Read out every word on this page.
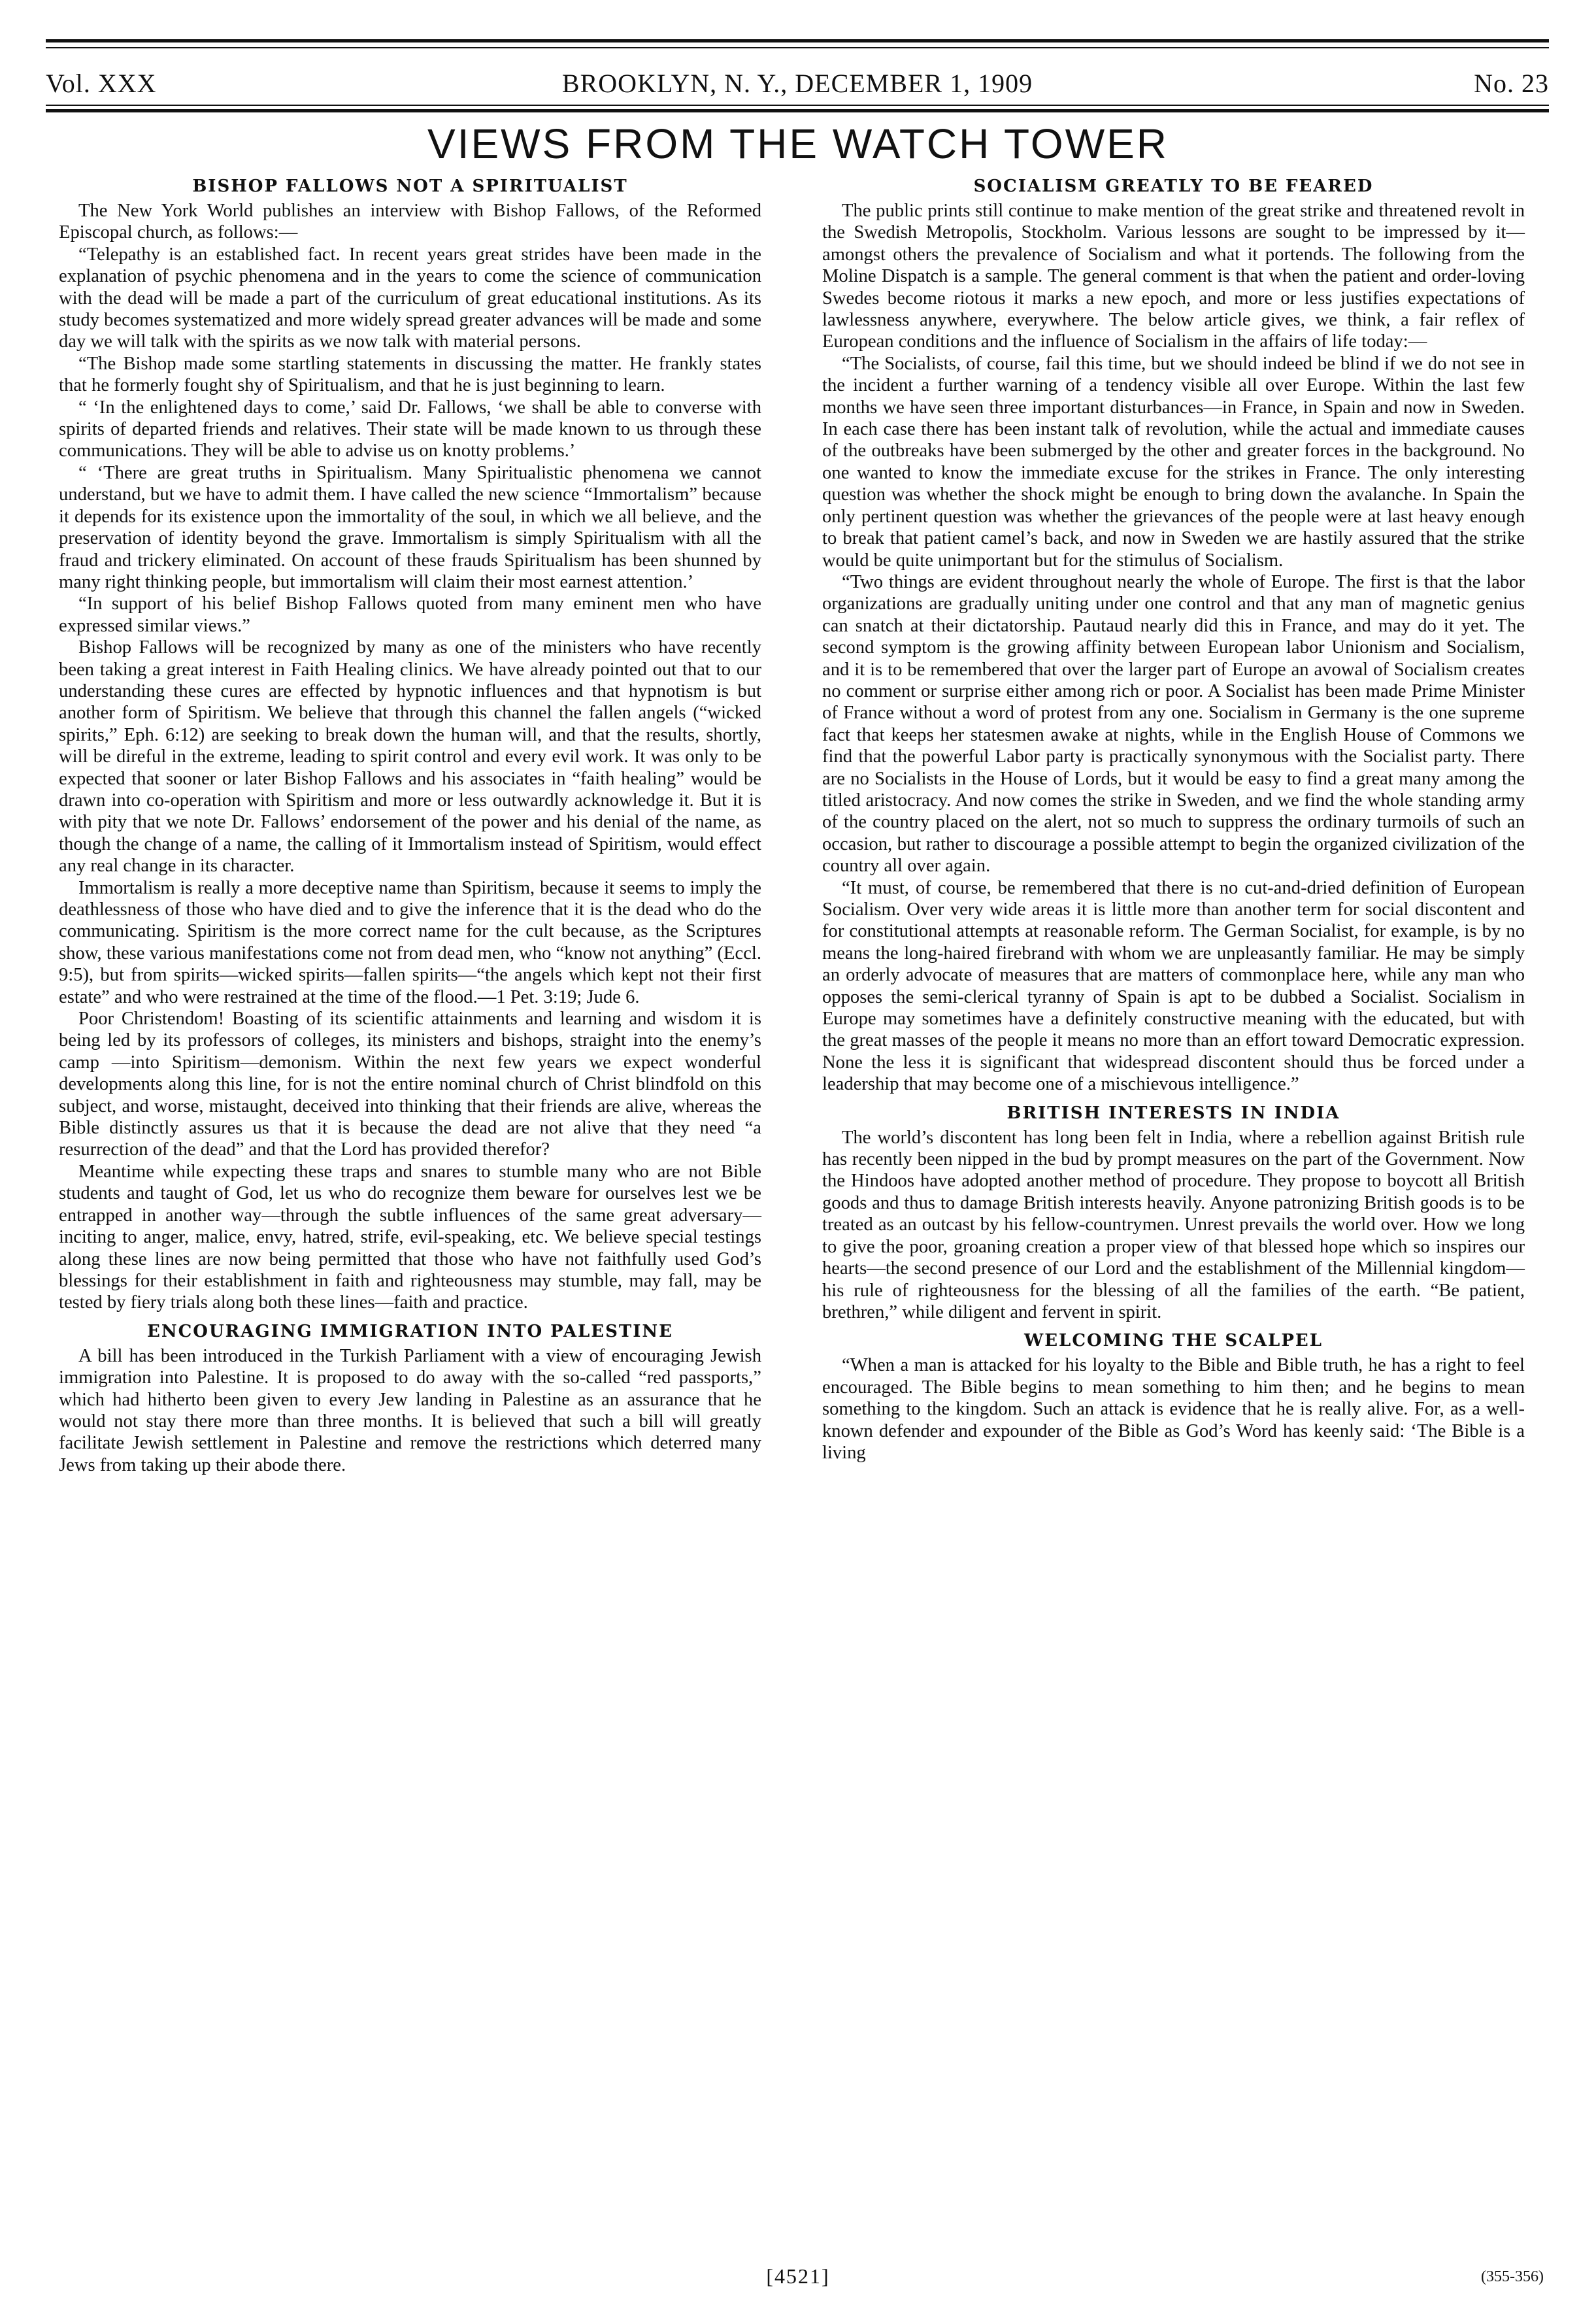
Vol. XXX	BROOKLYN, N. Y., DECEMBER 1, 1909	No. 23
VIEWS FROM THE WATCH TOWER
BISHOP FALLOWS NOT A SPIRITUALIST

The New York World publishes an interview with Bishop Fallows, of the Reformed Episcopal church, as follows:—

“Telepathy is an established fact. In recent years great strides have been made in the explanation of psychic phenomena and in the years to come the science of communication with the dead will be made a part of the curriculum of great educational institutions. As its study becomes systematized and more widely spread greater advances will be made and some day we will talk with the spirits as we now talk with material persons.

“The Bishop made some startling statements in discussing the matter. He frankly states that he formerly fought shy of Spiritualism, and that he is just beginning to learn.

“ ‘In the enlightened days to come,’ said Dr. Fallows, ‘we shall be able to converse with spirits of departed friends and relatives. Their state will be made known to us through these communications. They will be able to advise us on knotty problems.’

“ ‘There are great truths in Spiritualism. Many Spiritualistic phenomena we cannot understand, but we have to admit them. I have called the new science “Immortalism” because it depends for its existence upon the immortality of the soul, in which we all believe, and the preservation of identity beyond the grave. Immortalism is simply Spiritualism with all the fraud and trickery eliminated. On account of these frauds Spiritualism has been shunned by many right thinking people, but immortalism will claim their most earnest attention.’

“In support of his belief Bishop Fallows quoted from many eminent men who have expressed similar views.”

Bishop Fallows will be recognized by many as one of the ministers who have recently been taking a great interest in Faith Healing clinics. We have already pointed out that to our understanding these cures are effected by hypnotic influences and that hypnotism is but another form of Spiritism. We believe that through this channel the fallen angels (“wicked spirits,” Eph. 6:12) are seeking to break down the human will, and that the results, shortly, will be direful in the extreme, leading to spirit control and every evil work. It was only to be expected that sooner or later Bishop Fallows and his associates in “faith healing” would be drawn into co-operation with Spiritism and more or less outwardly acknowledge it. But it is with pity that we note Dr. Fallows’ endorsement of the power and his denial of the name, as though the change of a name, the calling of it Immortalism instead of Spiritism, would effect any real change in its character.

Immortalism is really a more deceptive name than Spiritism, because it seems to imply the deathlessness of those who have died and to give the inference that it is the dead who do the communicating. Spiritism is the more correct name for the cult because, as the Scriptures show, these various manifestations come not from dead men, who “know not anything” (Eccl. 9:5), but from spirits—wicked spirits—fallen spirits—“the angels which kept not their first estate” and who were restrained at the time of the flood.—1 Pet. 3:19; Jude 6.

Poor Christendom! Boasting of its scientific attainments and learning and wisdom it is being led by its professors of colleges, its ministers and bishops, straight into the enemy’s camp —into Spiritism—demonism. Within the next few years we expect wonderful developments along this line, for is not the entire nominal church of Christ blindfold on this subject, and worse, mistaught, deceived into thinking that their friends are alive, whereas the Bible distinctly assures us that it is because the dead are not alive that they need “a resurrection of the dead” and that the Lord has provided therefor?

Meantime while expecting these traps and snares to stumble many who are not Bible students and taught of God, let us who do recognize them beware for ourselves lest we be entrapped in another way—through the subtle influences of the same great adversary—inciting to anger, malice, envy, hatred, strife, evil-speaking, etc. We believe special testings along these lines are now being permitted that those who have not faithfully used God’s blessings for their establishment in faith and righteousness may stumble, may fall, may be tested by fiery trials along both these lines—faith and practice.

ENCOURAGING IMMIGRATION INTO PALESTINE

A bill has been introduced in the Turkish Parliament with a view of encouraging Jewish immigration into Palestine. It is proposed to do away with the so-called “red passports,” which had hitherto been given to every Jew landing in Palestine as an assurance that he would not stay there more than three months. It is believed that such a bill will greatly facilitate Jewish settlement in Palestine and remove the restrictions which deterred many Jews from taking up their abode there.

SOCIALISM GREATLY TO BE FEARED

The public prints still continue to make mention of the great strike and threatened revolt in the Swedish Metropolis, Stockholm. Various lessons are sought to be impressed by it—amongst others the prevalence of Socialism and what it portends. The following from the Moline Dispatch is a sample. The general comment is that when the patient and order-loving Swedes become riotous it marks a new epoch, and more or less justifies expectations of lawlessness anywhere, everywhere. The below article gives, we think, a fair reflex of European conditions and the influence of Socialism in the affairs of life today:—

“The Socialists, of course, fail this time, but we should indeed be blind if we do not see in the incident a further warning of a tendency visible all over Europe. Within the last few months we have seen three important disturbances—in France, in Spain and now in Sweden. In each case there has been instant talk of revolution, while the actual and immediate causes of the outbreaks have been submerged by the other and greater forces in the background. No one wanted to know the immediate excuse for the strikes in France. The only interesting question was whether the shock might be enough to bring down the avalanche. In Spain the only pertinent question was whether the grievances of the people were at last heavy enough to break that patient camel’s back, and now in Sweden we are hastily assured that the strike would be quite unimportant but for the stimulus of Socialism.

“Two things are evident throughout nearly the whole of Europe. The first is that the labor organizations are gradually uniting under one control and that any man of magnetic genius can snatch at their dictatorship. Pautaud nearly did this in France, and may do it yet. The second symptom is the growing affinity between European labor Unionism and Socialism, and it is to be remembered that over the larger part of Europe an avowal of Socialism creates no comment or surprise either among rich or poor. A Socialist has been made Prime Minister of France without a word of protest from any one. Socialism in Germany is the one supreme fact that keeps her statesmen awake at nights, while in the English House of Commons we find that the powerful Labor party is practically synonymous with the Socialist party. There are no Socialists in the House of Lords, but it would be easy to find a great many among the titled aristocracy. And now comes the strike in Sweden, and we find the whole standing army of the country placed on the alert, not so much to suppress the ordinary turmoils of such an occasion, but rather to discourage a possible attempt to begin the organized civilization of the country all over again.

“It must, of course, be remembered that there is no cut-and-dried definition of European Socialism. Over very wide areas it is little more than another term for social discontent and for constitutional attempts at reasonable reform. The German Socialist, for example, is by no means the long-haired firebrand with whom we are unpleasantly familiar. He may be simply an orderly advocate of measures that are matters of commonplace here, while any man who opposes the semi-clerical tyranny of Spain is apt to be dubbed a Socialist. Socialism in Europe may sometimes have a definitely constructive meaning with the educated, but with the great masses of the people it means no more than an effort toward Democratic expression. None the less it is significant that widespread discontent should thus be forced under a leadership that may become one of a mischievous intelligence.”

BRITISH INTERESTS IN INDIA

The world’s discontent has long been felt in India, where a rebellion against British rule has recently been nipped in the bud by prompt measures on the part of the Government. Now the Hindoos have adopted another method of procedure. They propose to boycott all British goods and thus to damage British interests heavily. Anyone patronizing British goods is to be treated as an outcast by his fellow-countrymen. Unrest prevails the world over. How we long to give the poor, groaning creation a proper view of that blessed hope which so inspires our hearts—the second presence of our Lord and the establishment of the Millennial kingdom—his rule of righteousness for the blessing of all the families of the earth. “Be patient, brethren,” while diligent and fervent in spirit.

WELCOMING THE SCALPEL

“When a man is attacked for his loyalty to the Bible and Bible truth, he has a right to feel encouraged. The Bible begins to mean something to him then; and he begins to mean something to the kingdom. Such an attack is evidence that he is really alive. For, as a well-known defender and expounder of the Bible as God’s Word has keenly said: ‘The Bible is a living

[4521]	(355-356)
